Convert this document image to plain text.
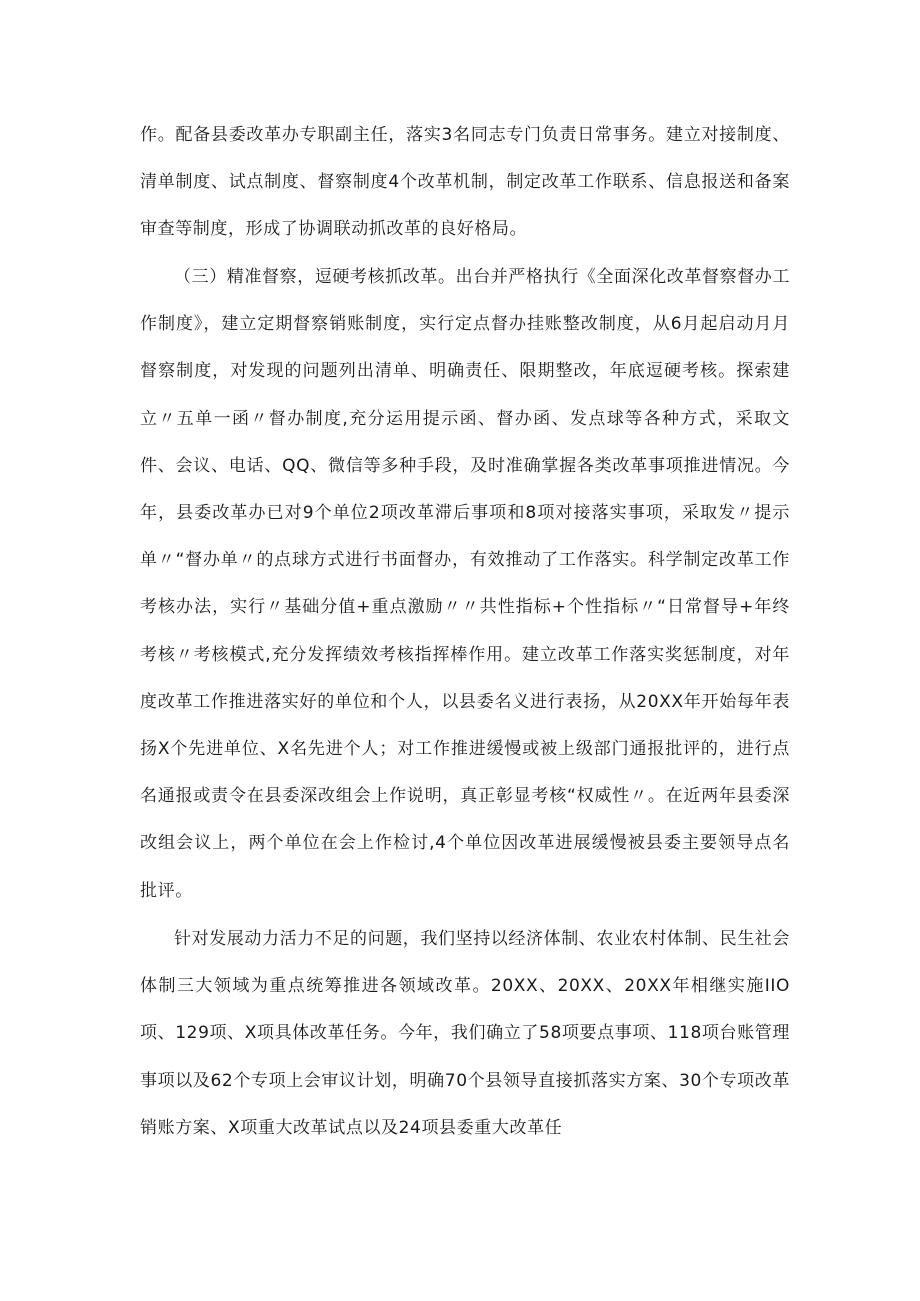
作。配备县委改革办专职副主任，落实3名同志专门负责日常事务。建立对接制度、清单制度、试点制度、督察制度4个改革机制，制定改革工作联系、信息报送和备案审查等制度，形成了协调联动抓改革的良好格局。

（三）精准督察，逗硬考核抓改革。出台并严格执行《全面深化改革督察督办工作制度》，建立定期督察销账制度，实行定点督办挂账整改制度，从6月起启动月月督察制度，对发现的问题列出清单、明确责任、限期整改，年底逗硬考核。探索建立〃五单一函〃督办制度,充分运用提示函、督办函、发点球等各种方式，采取文件、会议、电话、QQ、微信等多种手段，及时准确掌握各类改革事项推进情况。今年，县委改革办已对9个单位2项改革滞后事项和8项对接落实事项，采取发〃提示单〃“督办单〃的点球方式进行书面督办，有效推动了工作落实。科学制定改革工作考核办法，实行〃基础分值+重点激励〃〃共性指标+个性指标〃“日常督导+年终考核〃考核模式,充分发挥绩效考核指挥棒作用。建立改革工作落实奖惩制度，对年度改革工作推进落实好的单位和个人，以县委名义进行表扬，从20XX年开始每年表扬X个先进单位、X名先进个人；对工作推进缓慢或被上级部门通报批评的，进行点名通报或责令在县委深改组会上作说明，真正彰显考核“权威性〃。在近两年县委深改组会议上，两个单位在会上作检讨,4个单位因改革进展缓慢被县委主要领导点名批评。

针对发展动力活力不足的问题，我们坚持以经济体制、农业农村体制、民生社会体制三大领域为重点统筹推进各领域改革。20XX、20XX、20XX年相继实施IIO项、129项、X项具体改革任务。今年，我们确立了58项要点事项、118项台账管理事项以及62个专项上会审议计划，明确70个县领导直接抓落实方案、30个专项改革销账方案、X项重大改革试点以及24项县委重大改革任
